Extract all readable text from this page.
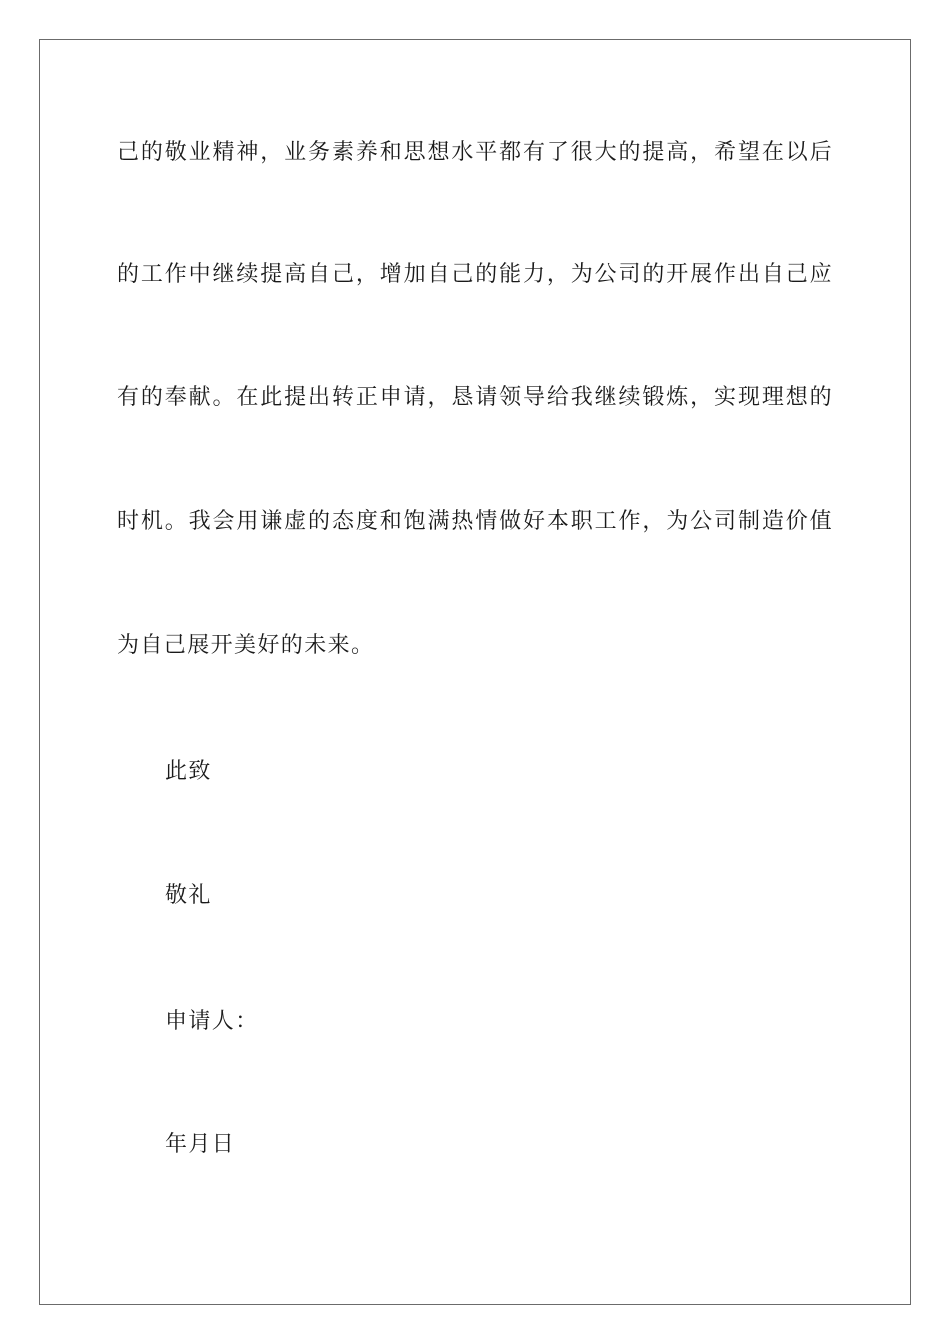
己的敬业精神，业务素养和思想水平都有了很大的提高，希望在以后
的工作中继续提高自己，增加自己的能力，为公司的开展作出自己应
有的奉献。在此提出转正申请，恳请领导给我继续锻炼，实现理想的
时机。我会用谦虚的态度和饱满热情做好本职工作，为公司制造价值
为自己展开美好的未来。
此致
敬礼
申请人：
年月日
